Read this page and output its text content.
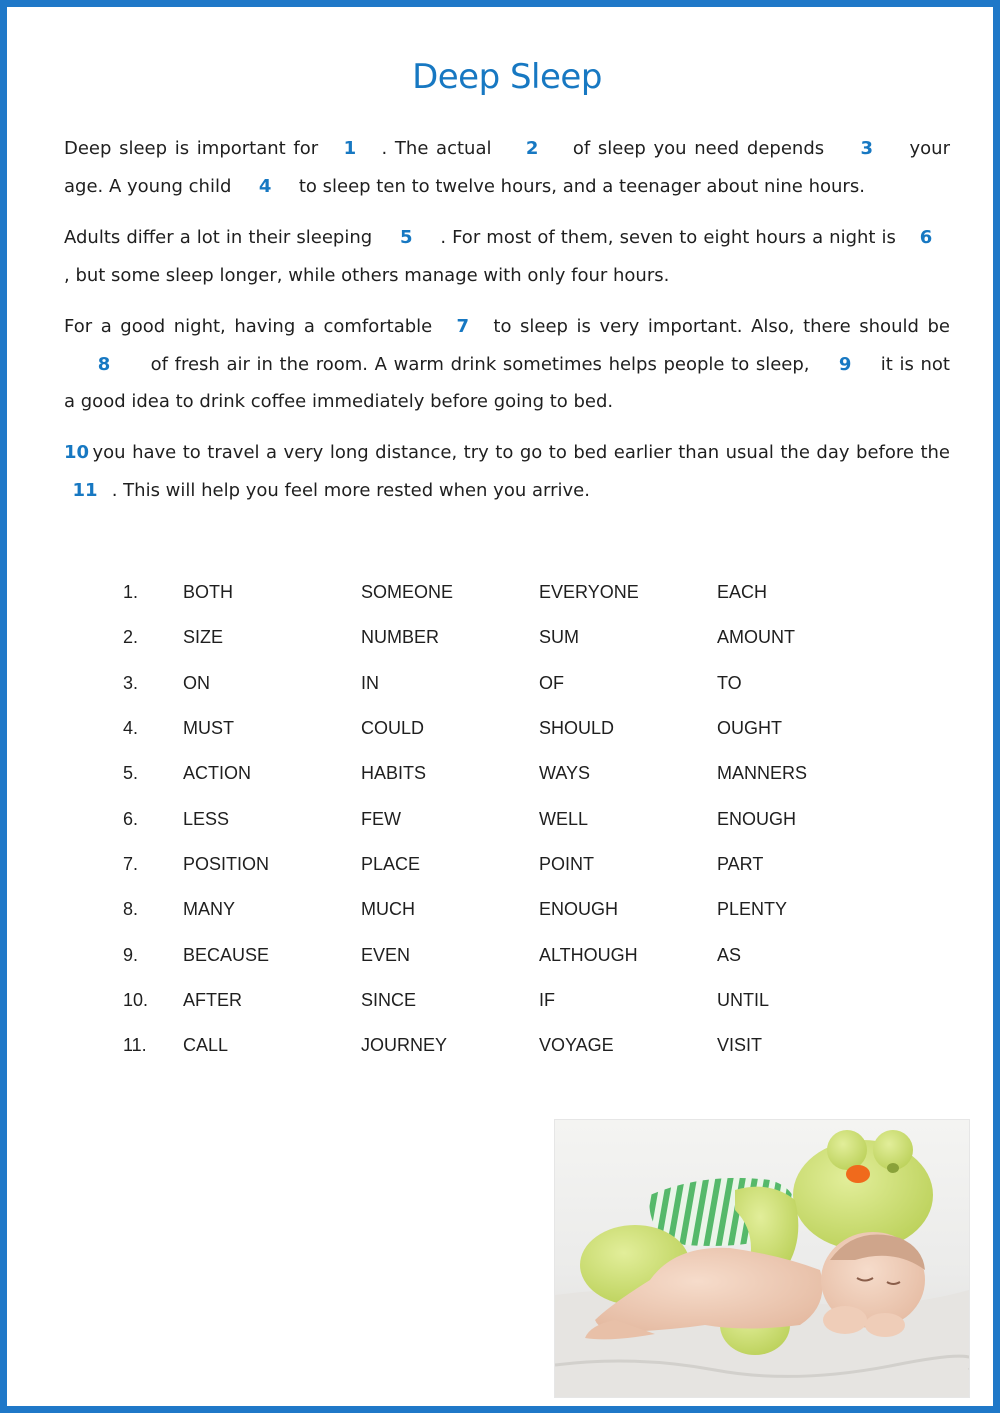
Deep Sleep
Deep sleep is important for 1 . The actual 2 of sleep you need depends 3 your age. A young child 4 to sleep ten to twelve hours, and a teenager about nine hours.
Adults differ a lot in their sleeping 5 . For most of them, seven to eight hours a night is 6 , but some sleep longer, while others manage with only four hours.
For a good night, having a comfortable 7 to sleep is very important. Also, there should be 8 of fresh air in the room. A warm drink sometimes helps people to sleep, 9 it is not a good idea to drink coffee immediately before going to bed.
10 you have to travel a very long distance, try to go to bed earlier than usual the day before the 11 . This will help you feel more rested when you arrive.
1.	BOTH	SOMEONE	EVERYONE	EACH
2.	SIZE	NUMBER	SUM	AMOUNT
3.	ON	IN	OF	TO
4.	MUST	COULD	SHOULD	OUGHT
5.	ACTION	HABITS	WAYS	MANNERS
6.	LESS	FEW	WELL	ENOUGH
7.	POSITION	PLACE	POINT	PART
8.	MANY	MUCH	ENOUGH	PLENTY
9.	BECAUSE	EVEN	ALTHOUGH	AS
10.	AFTER	SINCE	IF	UNTIL
11.	CALL	JOURNEY	VOYAGE	VISIT
